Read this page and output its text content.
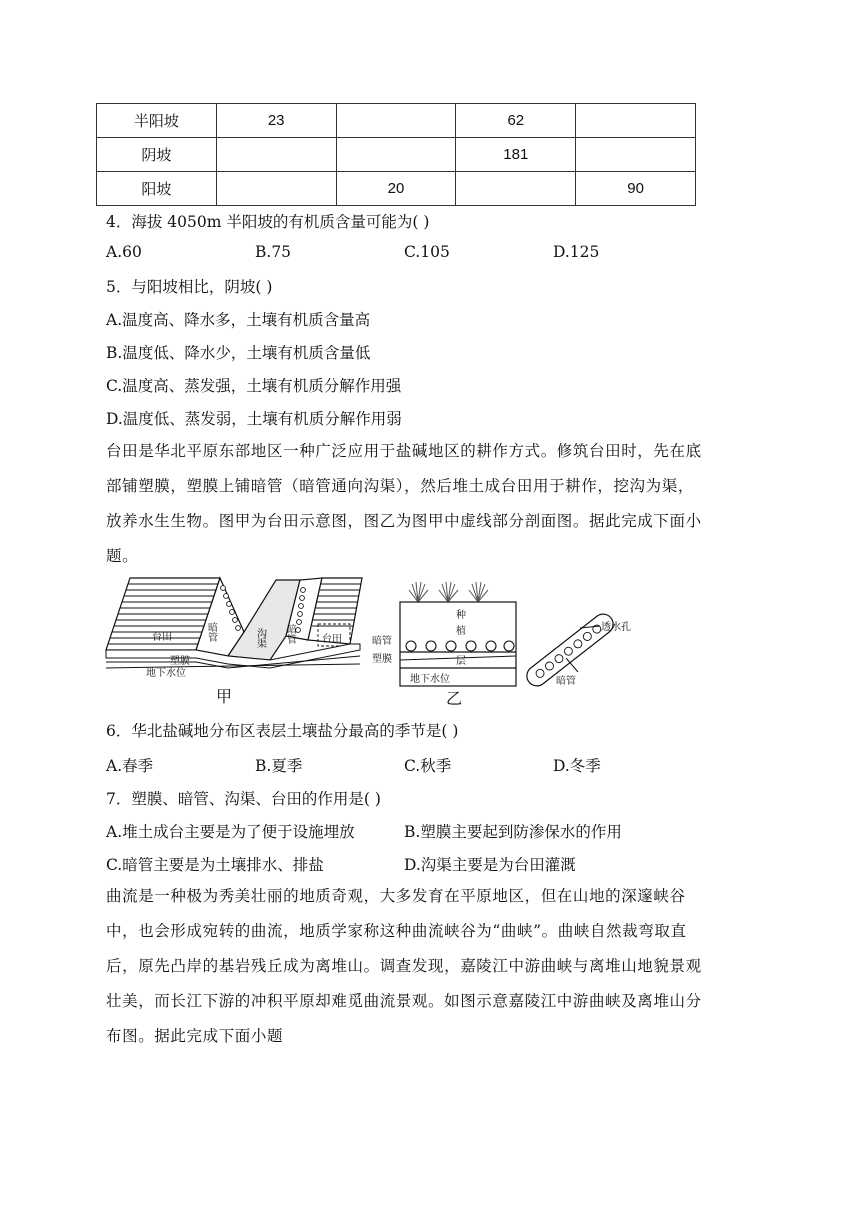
半阳坡	23		62	
阴坡			181	
阳坡		20		90
4．海拔 4050m 半阳坡的有机质含量可能为( )
A.60	B.75	C.105	D.125
5．与阳坡相比，阴坡( )
A.温度高、降水多，土壤有机质含量高
B.温度低、降水少，土壤有机质含量低
C.温度高、蒸发强，土壤有机质分解作用强
D.温度低、蒸发弱，土壤有机质分解作用弱
台田是华北平原东部地区一种广泛应用于盐碱地区的耕作方式。修筑台田时，先在底
部铺塑膜，塑膜上铺暗管（暗管通向沟渠），然后堆土成台田用于耕作，挖沟为渠，
放养水生生物。图甲为台田示意图，图乙为图甲中虚线部分剖面图。据此完成下面小
题。
台田	暗管	沟渠 暗管	台田
塑膜
地下水位
甲
种
植
层
暗管
塑膜
地下水位
乙
透水孔
暗管
6．华北盐碱地分布区表层土壤盐分最高的季节是( )
A.春季	B.夏季	C.秋季	D.冬季
7．塑膜、暗管、沟渠、台田的作用是( )
A.堆土成台主要是为了便于设施埋放	B.塑膜主要起到防渗保水的作用
C.暗管主要是为土壤排水、排盐	D.沟渠主要是为台田灌溉
曲流是一种极为秀美壮丽的地质奇观，大多发育在平原地区，但在山地的深邃峡谷
中，也会形成宛转的曲流，地质学家称这种曲流峡谷为“曲峡”。曲峡自然裁弯取直
后，原先凸岸的基岩残丘成为离堆山。调查发现，嘉陵江中游曲峡与离堆山地貌景观
壮美，而长江下游的冲积平原却难觅曲流景观。如图示意嘉陵江中游曲峡及离堆山分
布图。据此完成下面小题
